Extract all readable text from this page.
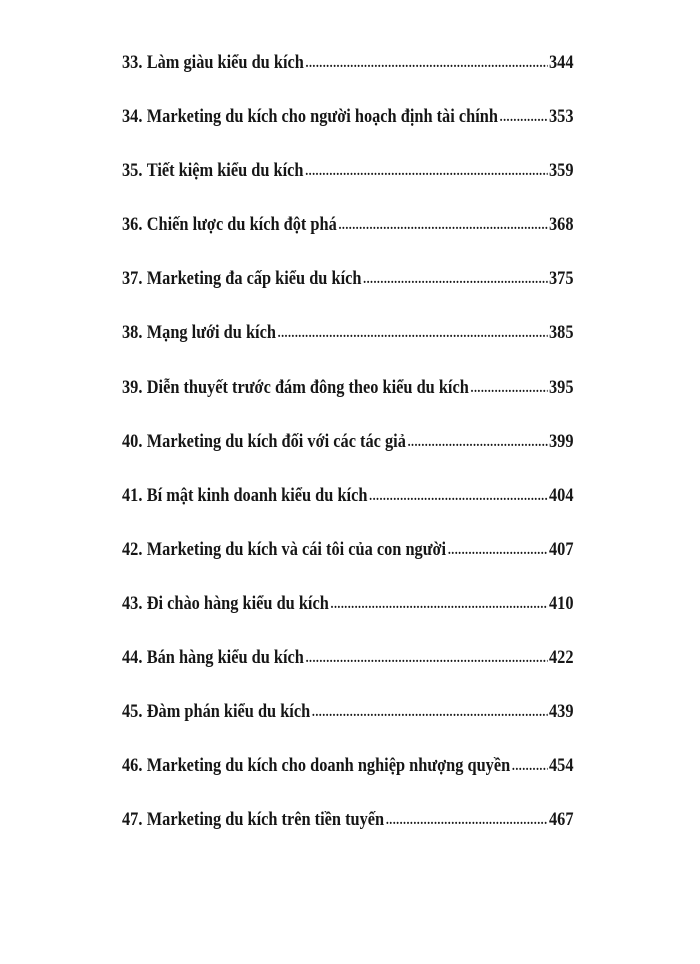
33. Làm giàu kiểu du kích .....	344
34. Marketing du kích cho người hoạch định tài chính .....	353
35. Tiết kiệm kiểu du kích .....	359
36. Chiến lược du kích đột phá .....	368
37. Marketing đa cấp kiểu du kích .....	375
38. Mạng lưới du kích .....	385
39. Diễn thuyết trước đám đông theo kiểu du kích .....	395
40. Marketing du kích đối với các tác giả .....	399
41. Bí mật kinh doanh kiểu du kích .....	404
42. Marketing du kích và cái tôi của con người .....	407
43. Đi chào hàng kiểu du kích .....	410
44. Bán hàng kiểu du kích .....	422
45. Đàm phán kiểu du kích .....	439
46. Marketing du kích cho doanh nghiệp nhượng quyền ..... 454
47. Marketing du kích trên tiền tuyến .....	467
